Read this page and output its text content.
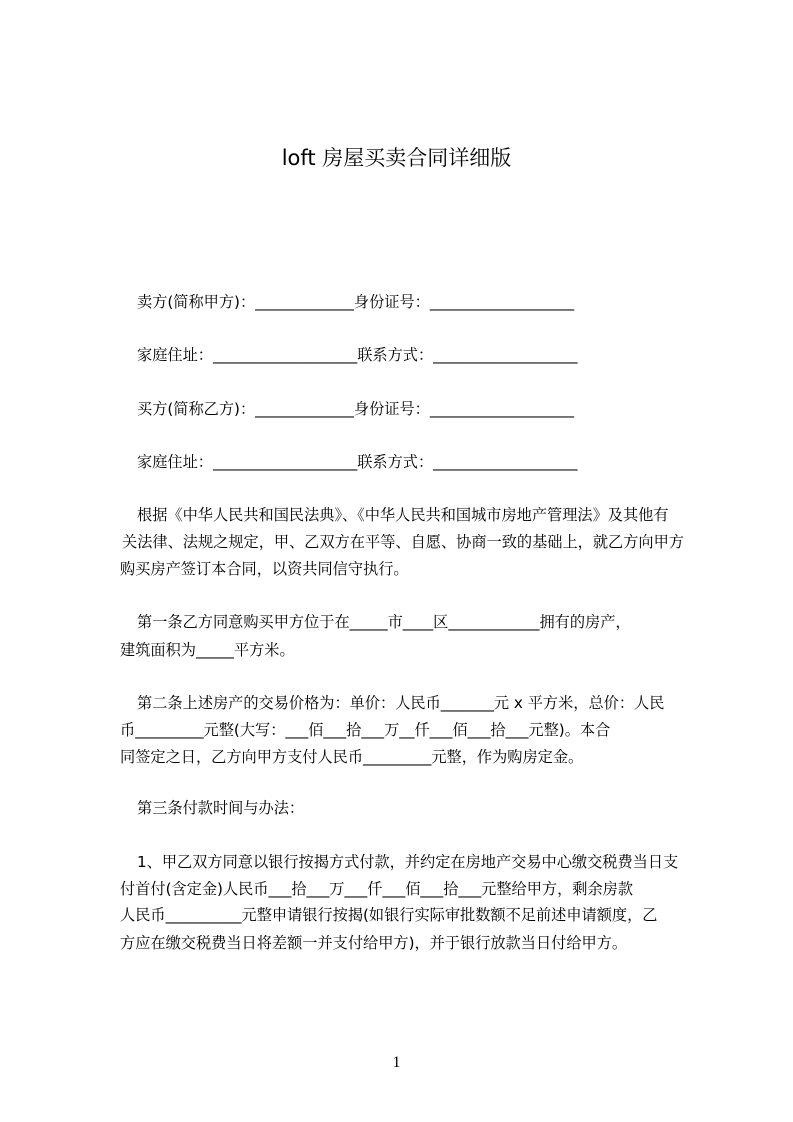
loft 房屋买卖合同详细版
卖方(简称甲方)：_____________身份证号：___________________
家庭住址：___________________联系方式：___________________
买方(简称乙方)：_____________身份证号：___________________
家庭住址：___________________联系方式：___________________
根据《中华人民共和国民法典》、《中华人民共和国城市房地产管理法》及其他有
关法律、法规之规定，甲、乙双方在平等、自愿、协商一致的基础上，就乙方向甲方
购买房产签订本合同，以资共同信守执行。
第一条乙方同意购买甲方位于在_____市____区____________拥有的房产，
建筑面积为_____平方米。
第二条上述房产的交易价格为：单价：人民币_______元 x 平方米，总价：人民
币_________元整(大写：___佰___拾___万__仟___佰___拾___元整)。本合
同签定之日，乙方向甲方支付人民币_________元整，作为购房定金。
第三条付款时间与办法：
1、甲乙双方同意以银行按揭方式付款，并约定在房地产交易中心缴交税费当日支
付首付(含定金)人民币___拾___万___仟___佰___拾___元整给甲方，剩余房款
人民币__________元整申请银行按揭(如银行实际审批数额不足前述申请额度，乙
方应在缴交税费当日将差额一并支付给甲方)，并于银行放款当日付给甲方。
1
